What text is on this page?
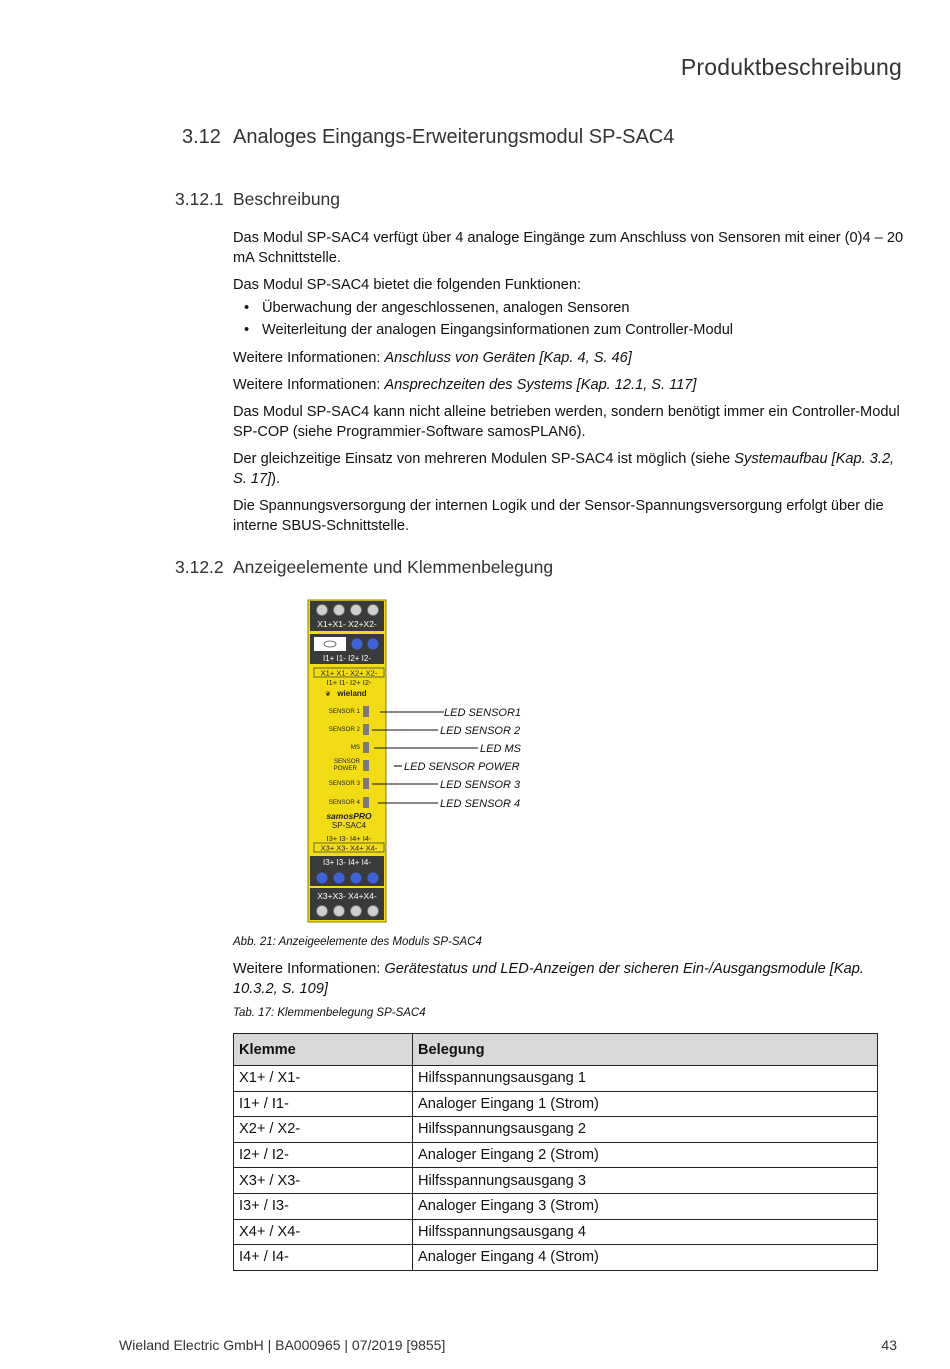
Produktbeschreibung
3.12 Analoges Eingangs-Erweiterungsmodul SP-SAC4
3.12.1 Beschreibung

Das Modul SP-SAC4 verfügt über 4 analoge Eingänge zum Anschluss von Sensoren mit einer (0)4 – 20 mA Schnittstelle.

Das Modul SP-SAC4 bietet die folgenden Funktionen:

• Überwachung der angeschlossenen, analogen Sensoren
• Weiterleitung der analogen Eingangsinformationen zum Controller-Modul

Weitere Informationen: Anschluss von Geräten [Kap. 4, S. 46]

Weitere Informationen: Ansprechzeiten des Systems [Kap. 12.1, S. 117]

Das Modul SP-SAC4 kann nicht alleine betrieben werden, sondern benötigt immer ein Controller-Modul SP-COP (siehe Programmier-Software samosPLAN6).

Der gleichzeitige Einsatz von mehreren Modulen SP-SAC4 ist möglich (siehe Systemaufbau [Kap. 3.2, S. 17]).

Die Spannungsversorgung der internen Logik und der Sensor-Spannungsversorgung erfolgt über die interne SBUS-Schnittstelle.

3.12.2 Anzeigeelemente und Klemmenbelegung
X1+X1- X2+X2-
I1+ I1- I2+ I2-
X1+ X1- X2+ X2-
I1+ I1- I2+ I2-
❦ wieland
SENSOR 1
SENSOR 2
MS
SENSOR
POWER
SENSOR 3
SENSOR 4
LED SENSOR1
LED SENSOR 2
LED MS
LED SENSOR POWER
LED SENSOR 3
LED SENSOR 4
samosPRO
SP-SAC4
I3+ I3- I4+ I4-
X3+ X3- X4+ X4-
I3+ I3- I4+ I4-
X3+X3- X4+X4-
Abb. 21: Anzeigeelemente des Moduls SP-SAC4

Weitere Informationen: Gerätestatus und LED-Anzeigen der sicheren Ein-/Ausgangsmodule [Kap. 10.3.2, S. 109]

Tab. 17: Klemmenbelegung SP-SAC4
Klemme	Belegung
X1+ / X1-	Hilfsspannungsausgang 1
I1+ / I1-	Analoger Eingang 1 (Strom)
X2+ / X2-	Hilfsspannungsausgang 2
I2+ / I2-	Analoger Eingang 2 (Strom)
X3+ / X3-	Hilfsspannungsausgang 3
I3+ / I3-	Analoger Eingang 3 (Strom)
X4+ / X4-	Hilfsspannungsausgang 4
I4+ / I4-	Analoger Eingang 4 (Strom)
Wieland Electric GmbH | BA000965 | 07/2019 [9855]	43
